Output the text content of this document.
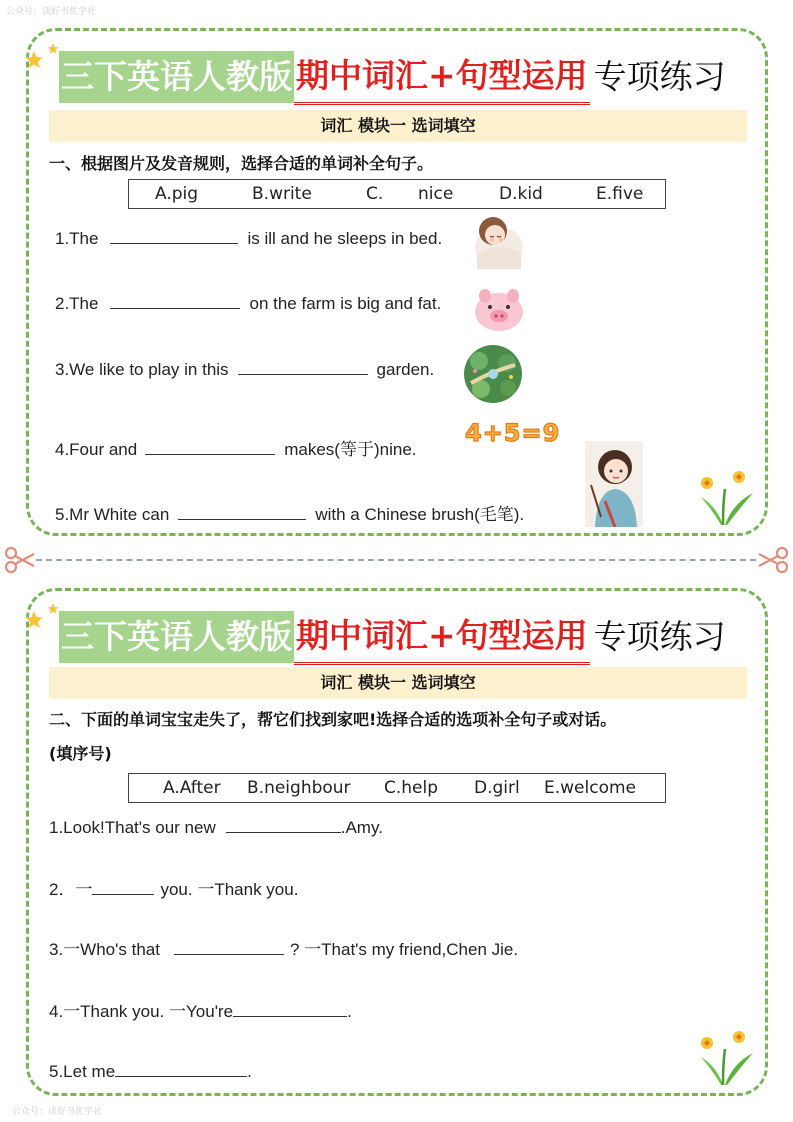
公众号：读好书优学社
公众号：读好书优学社
三下英语人教版 期中词汇+句型运用 专项练习
词汇 模块一 选词填空
一、根据图片及发音规则，选择合适的单词补全句子。
A.pig	B.write	C. nice	D.kid	E.five
1.The	is ill and he sleeps in bed.
2.The	on the farm is big and fat.
3.We like to play in this	garden.
4.Four and	makes(等于)nine.
5.Mr White can	with a Chinese brush(毛笔).
4+5=9
三下英语人教版 期中词汇+句型运用 专项练习
词汇 模块一 选词填空
二、下面的单词宝宝走失了，帮它们找到家吧!选择合适的选项补全句子或对话。
(填序号)
A.After B.neighbour C.help D.girl E.welcome
1.Look!That's our new	.Amy.
2．一	you. 一Thank you.
3.一Who's that	? 一That's my friend,Chen Jie.
4.一Thank you. 一You're	.
5.Let me	.
